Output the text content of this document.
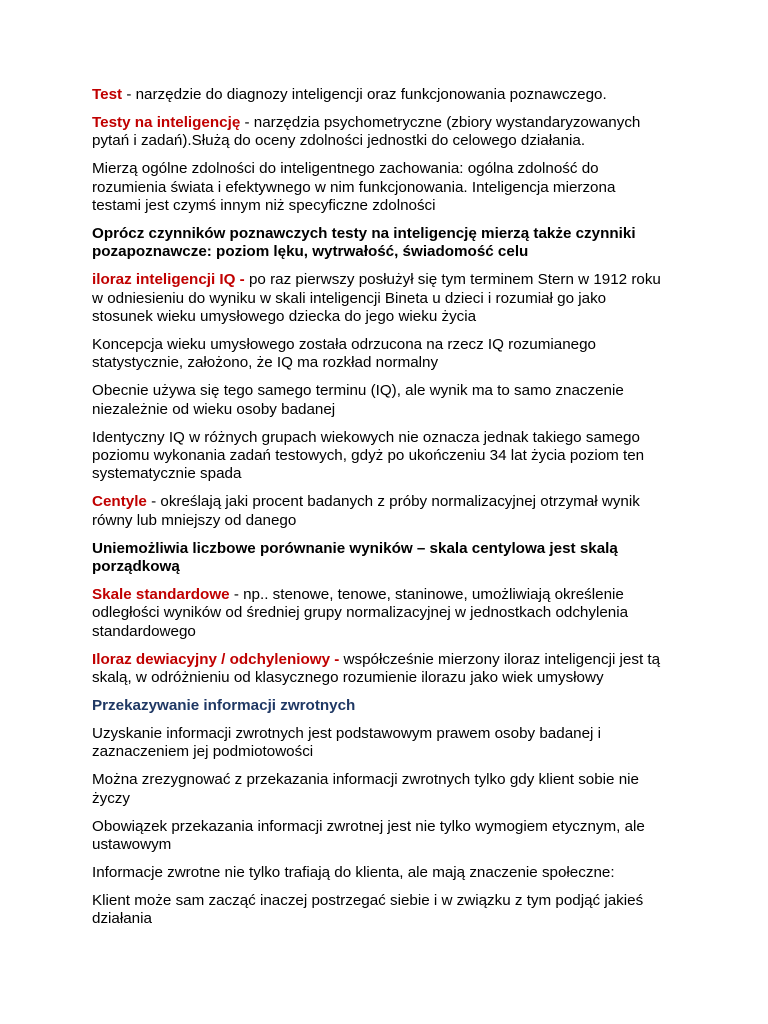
Test - narzędzie do diagnozy inteligencji oraz funkcjonowania poznawczego.

Testy na inteligencję - narzędzia psychometryczne (zbiory wystandaryzowanych
pytań i zadań).Służą do oceny zdolności jednostki do celowego działania.

Mierzą ogólne zdolności do inteligentnego zachowania: ogólna zdolność do
rozumienia świata i efektywnego w nim funkcjonowania. Inteligencja mierzona
testami jest czymś innym niż specyficzne zdolności

Oprócz czynników poznawczych testy na inteligencję mierzą także czynniki
pozapoznawcze: poziom lęku, wytrwałość, świadomość celu

iloraz inteligencji IQ - po raz pierwszy posłużył się tym terminem Stern w 1912 roku
w odniesieniu do wyniku w skali inteligencji Bineta u dzieci i rozumiał go jako
stosunek wieku umysłowego dziecka do jego wieku życia

Koncepcja wieku umysłowego została odrzucona na rzecz IQ rozumianego
statystycznie, założono, że IQ ma rozkład normalny

Obecnie używa się tego samego terminu (IQ), ale wynik ma to samo znaczenie
niezależnie od wieku osoby badanej

Identyczny IQ w różnych grupach wiekowych nie oznacza jednak takiego samego
poziomu wykonania zadań testowych, gdyż po ukończeniu 34 lat życia poziom ten
systematycznie spada

Centyle - określają jaki procent badanych z próby normalizacyjnej otrzymał wynik
równy lub mniejszy od danego

Uniemożliwia liczbowe porównanie wyników – skala centylowa jest skalą
porządkową

Skale standardowe - np.. stenowe, tenowe, staninowe, umożliwiają określenie
odległości wyników od średniej grupy normalizacyjnej w jednostkach odchylenia
standardowego

Iloraz dewiacyjny / odchyleniowy - współcześnie mierzony iloraz inteligencji jest tą
skalą, w odróżnieniu od klasycznego rozumienie ilorazu jako wiek umysłowy

Przekazywanie informacji zwrotnych

Uzyskanie informacji zwrotnych jest podstawowym prawem osoby badanej i
zaznaczeniem jej podmiotowości

Można zrezygnować z przekazania informacji zwrotnych tylko gdy klient sobie nie
życzy

Obowiązek przekazania informacji zwrotnej jest nie tylko wymogiem etycznym, ale
ustawowym

Informacje zwrotne nie tylko trafiają do klienta, ale mają znaczenie społeczne:

Klient może sam zacząć inaczej postrzegać siebie i w związku z tym podjąć jakieś
działania
